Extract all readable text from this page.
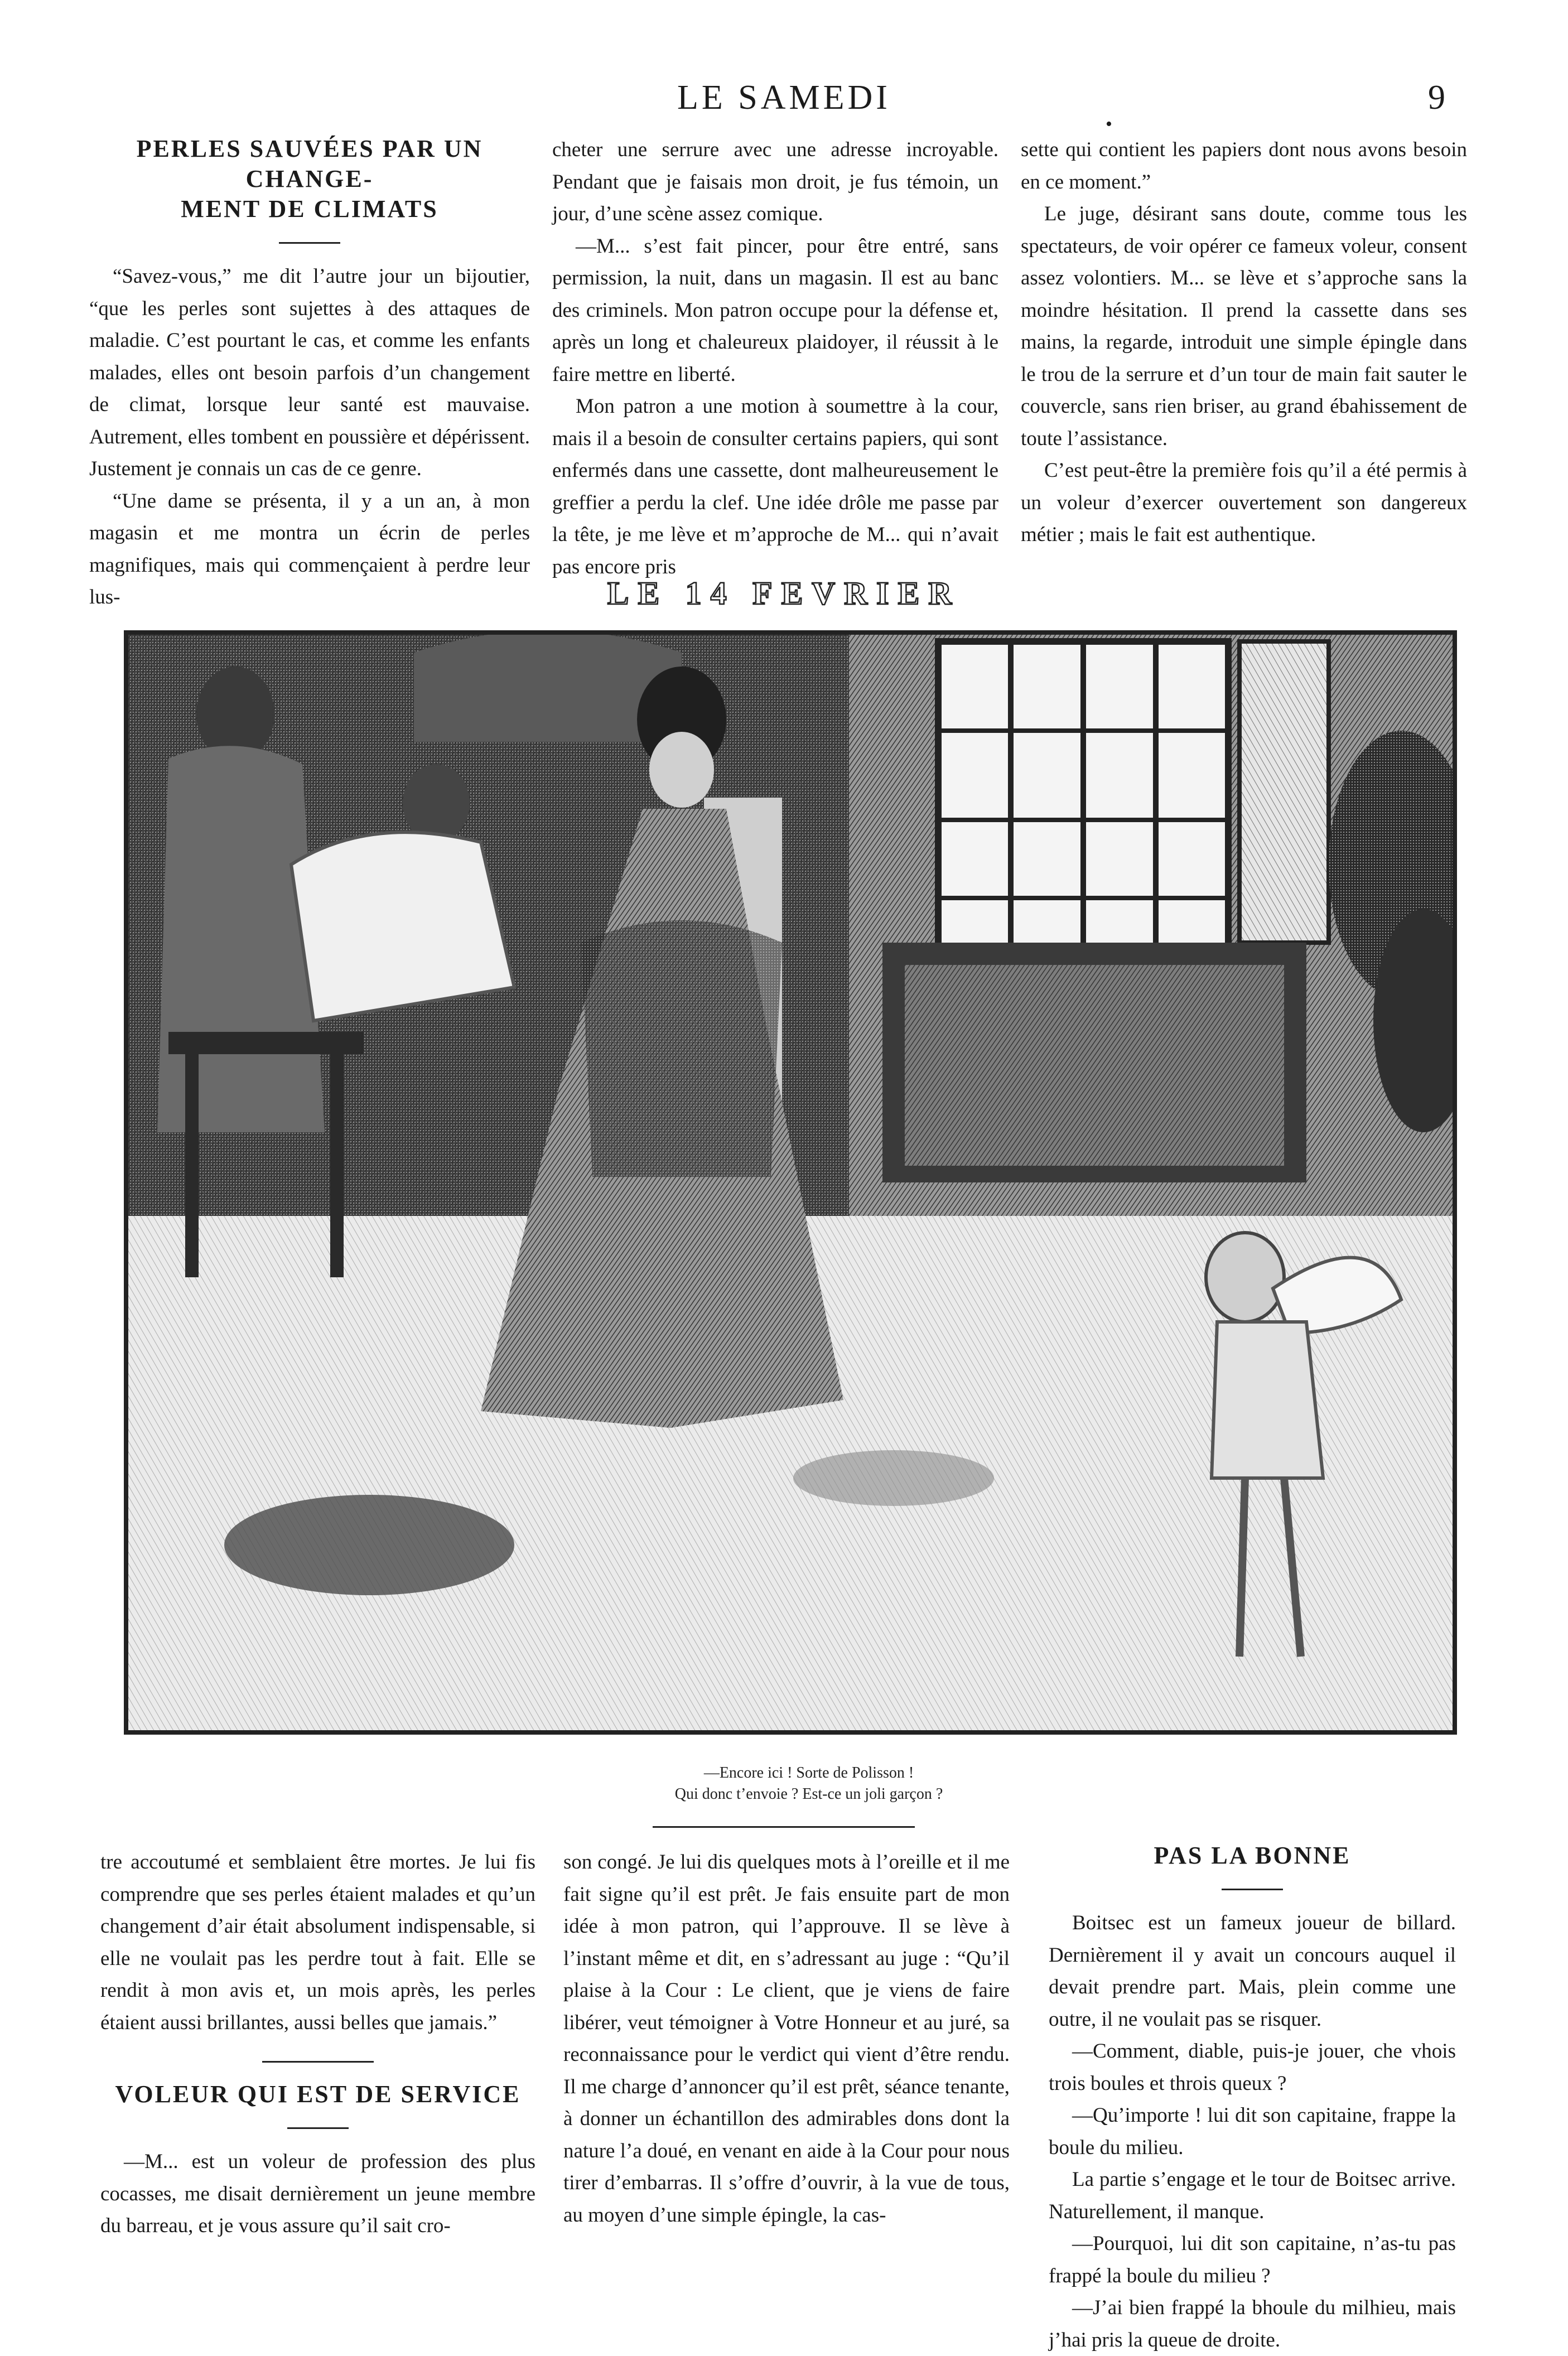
LE SAMEDI	9
•
PERLES SAUVÉES PAR UN CHANGE-
MENT DE CLIMATS

“Savez-vous,” me dit l’autre jour un bijoutier, “que les perles sont sujettes à des attaques de maladie. C’est pourtant le cas, et comme les enfants malades, elles ont besoin parfois d’un changement de climat, lorsque leur santé est mauvaise. Autrement, elles tombent en poussière et dépérissent. Justement je connais un cas de ce genre.

“Une dame se présenta, il y a un an, à mon magasin et me montra un écrin de perles magnifiques, mais qui commençaient à perdre leur lus-

cheter une serrure avec une adresse incroyable. Pendant que je faisais mon droit, je fus témoin, un jour, d’une scène assez comique.

—M... s’est fait pincer, pour être entré, sans permission, la nuit, dans un magasin. Il est au banc des criminels. Mon patron occupe pour la défense et, après un long et chaleureux plaidoyer, il réussit à le faire mettre en liberté.

Mon patron a une motion à soumettre à la cour, mais il a besoin de consulter certains papiers, qui sont enfermés dans une cassette, dont malheureusement le greffier a perdu la clef. Une idée drôle me passe par la tête, je me lève et m’approche de M... qui n’avait pas encore pris

sette qui contient les papiers dont nous avons besoin en ce moment.”

Le juge, désirant sans doute, comme tous les spectateurs, de voir opérer ce fameux voleur, consent assez volontiers. M... se lève et s’approche sans la moindre hésitation. Il prend la cassette dans ses mains, la regarde, introduit une simple épingle dans le trou de la serrure et d’un tour de main fait sauter le couvercle, sans rien briser, au grand ébahissement de toute l’assistance.

C’est peut-être la première fois qu’il a été permis à un voleur d’exercer ouvertement son dangereux métier ; mais le fait est authentique.

LE 14 FEVRIER
—Encore ici ! Sorte de Polisson !
Qui donc t’envoie ? Est-ce un joli garçon ?

tre accoutumé et semblaient être mortes. Je lui fis comprendre que ses perles étaient malades et qu’un changement d’air était absolument indispensable, si elle ne voulait pas les perdre tout à fait. Elle se rendit à mon avis et, un mois après, les perles étaient aussi brillantes, aussi belles que jamais.”

VOLEUR QUI EST DE SERVICE

—M... est un voleur de profession des plus cocasses, me disait dernièrement un jeune membre du barreau, et je vous assure qu’il sait cro-

son congé. Je lui dis quelques mots à l’oreille et il me fait signe qu’il est prêt. Je fais ensuite part de mon idée à mon patron, qui l’approuve. Il se lève à l’instant même et dit, en s’adressant au juge : “Qu’il plaise à la Cour : Le client, que je viens de faire libérer, veut témoigner à Votre Honneur et au juré, sa reconnaissance pour le verdict qui vient d’être rendu. Il me charge d’annoncer qu’il est prêt, séance tenante, à donner un échantillon des admirables dons dont la nature l’a doué, en venant en aide à la Cour pour nous tirer d’embarras. Il s’offre d’ouvrir, à la vue de tous, au moyen d’une simple épingle, la cas-

PAS LA BONNE

Boitsec est un fameux joueur de billard. Dernièrement il y avait un concours auquel il devait prendre part. Mais, plein comme une outre, il ne voulait pas se risquer.

—Comment, diable, puis-je jouer, che vhois trois boules et throis queux ?

—Qu’importe ! lui dit son capitaine, frappe la boule du milieu.

La partie s’engage et le tour de Boitsec arrive. Naturellement, il manque.

—Pourquoi, lui dit son capitaine, n’as-tu pas frappé la boule du milieu ?

—J’ai bien frappé la bhoule du milhieu, mais j’hai pris la queue de droite.
